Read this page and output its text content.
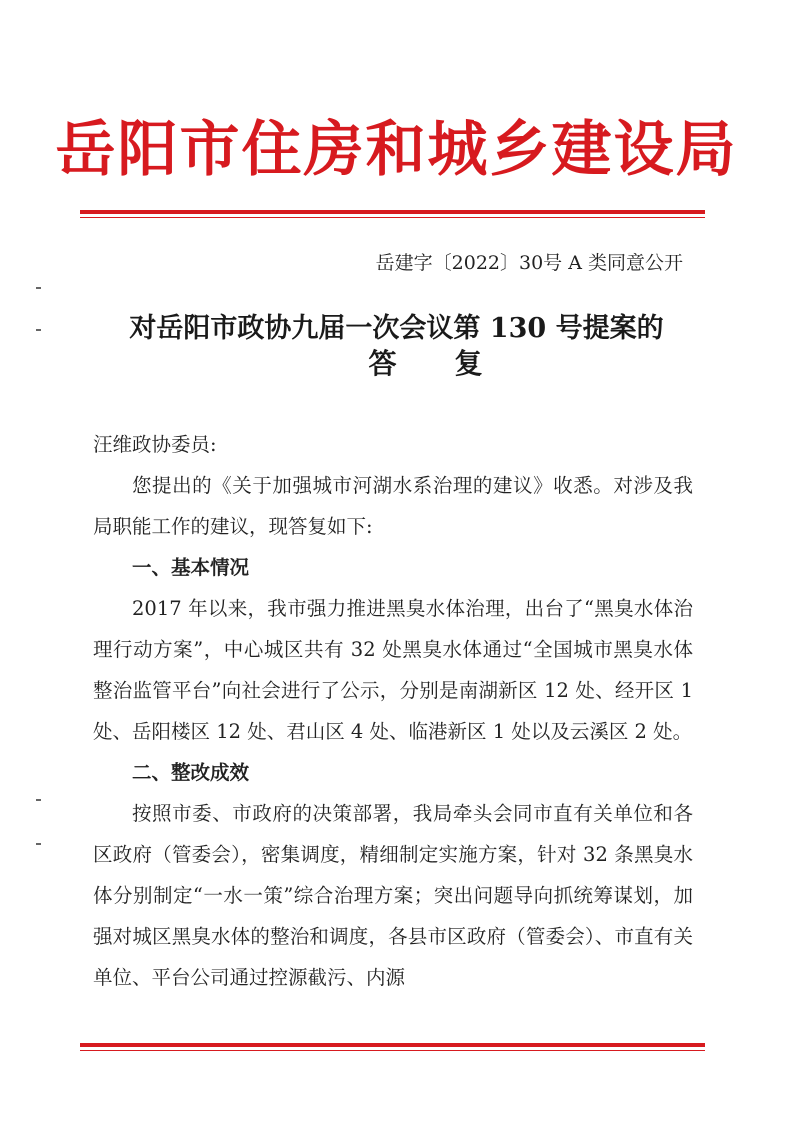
岳阳市住房和城乡建设局
岳建字〔2022〕30号 A 类同意公开
对岳阳市政协九届一次会议第 130 号提案的
答复

汪维政协委员:

您提出的《关于加强城市河湖水系治理的建议》收悉。对涉及我局职能工作的建议，现答复如下:

一、基本情况

2017 年以来，我市强力推进黑臭水体治理，出台了“黑臭水体治理行动方案”，中心城区共有 32 处黑臭水体通过“全国城市黑臭水体整治监管平台”向社会进行了公示，分别是南湖新区 12 处、经开区 1 处、岳阳楼区 12 处、君山区 4 处、临港新区 1 处以及云溪区 2 处。

二、整改成效

按照市委、市政府的决策部署，我局牵头会同市直有关单位和各区政府（管委会），密集调度，精细制定实施方案，针对 32 条黑臭水体分别制定“一水一策”综合治理方案；突出问题导向抓统筹谋划，加强对城区黑臭水体的整治和调度，各县市区政府（管委会）、市直有关单位、平台公司通过控源截污、内源
